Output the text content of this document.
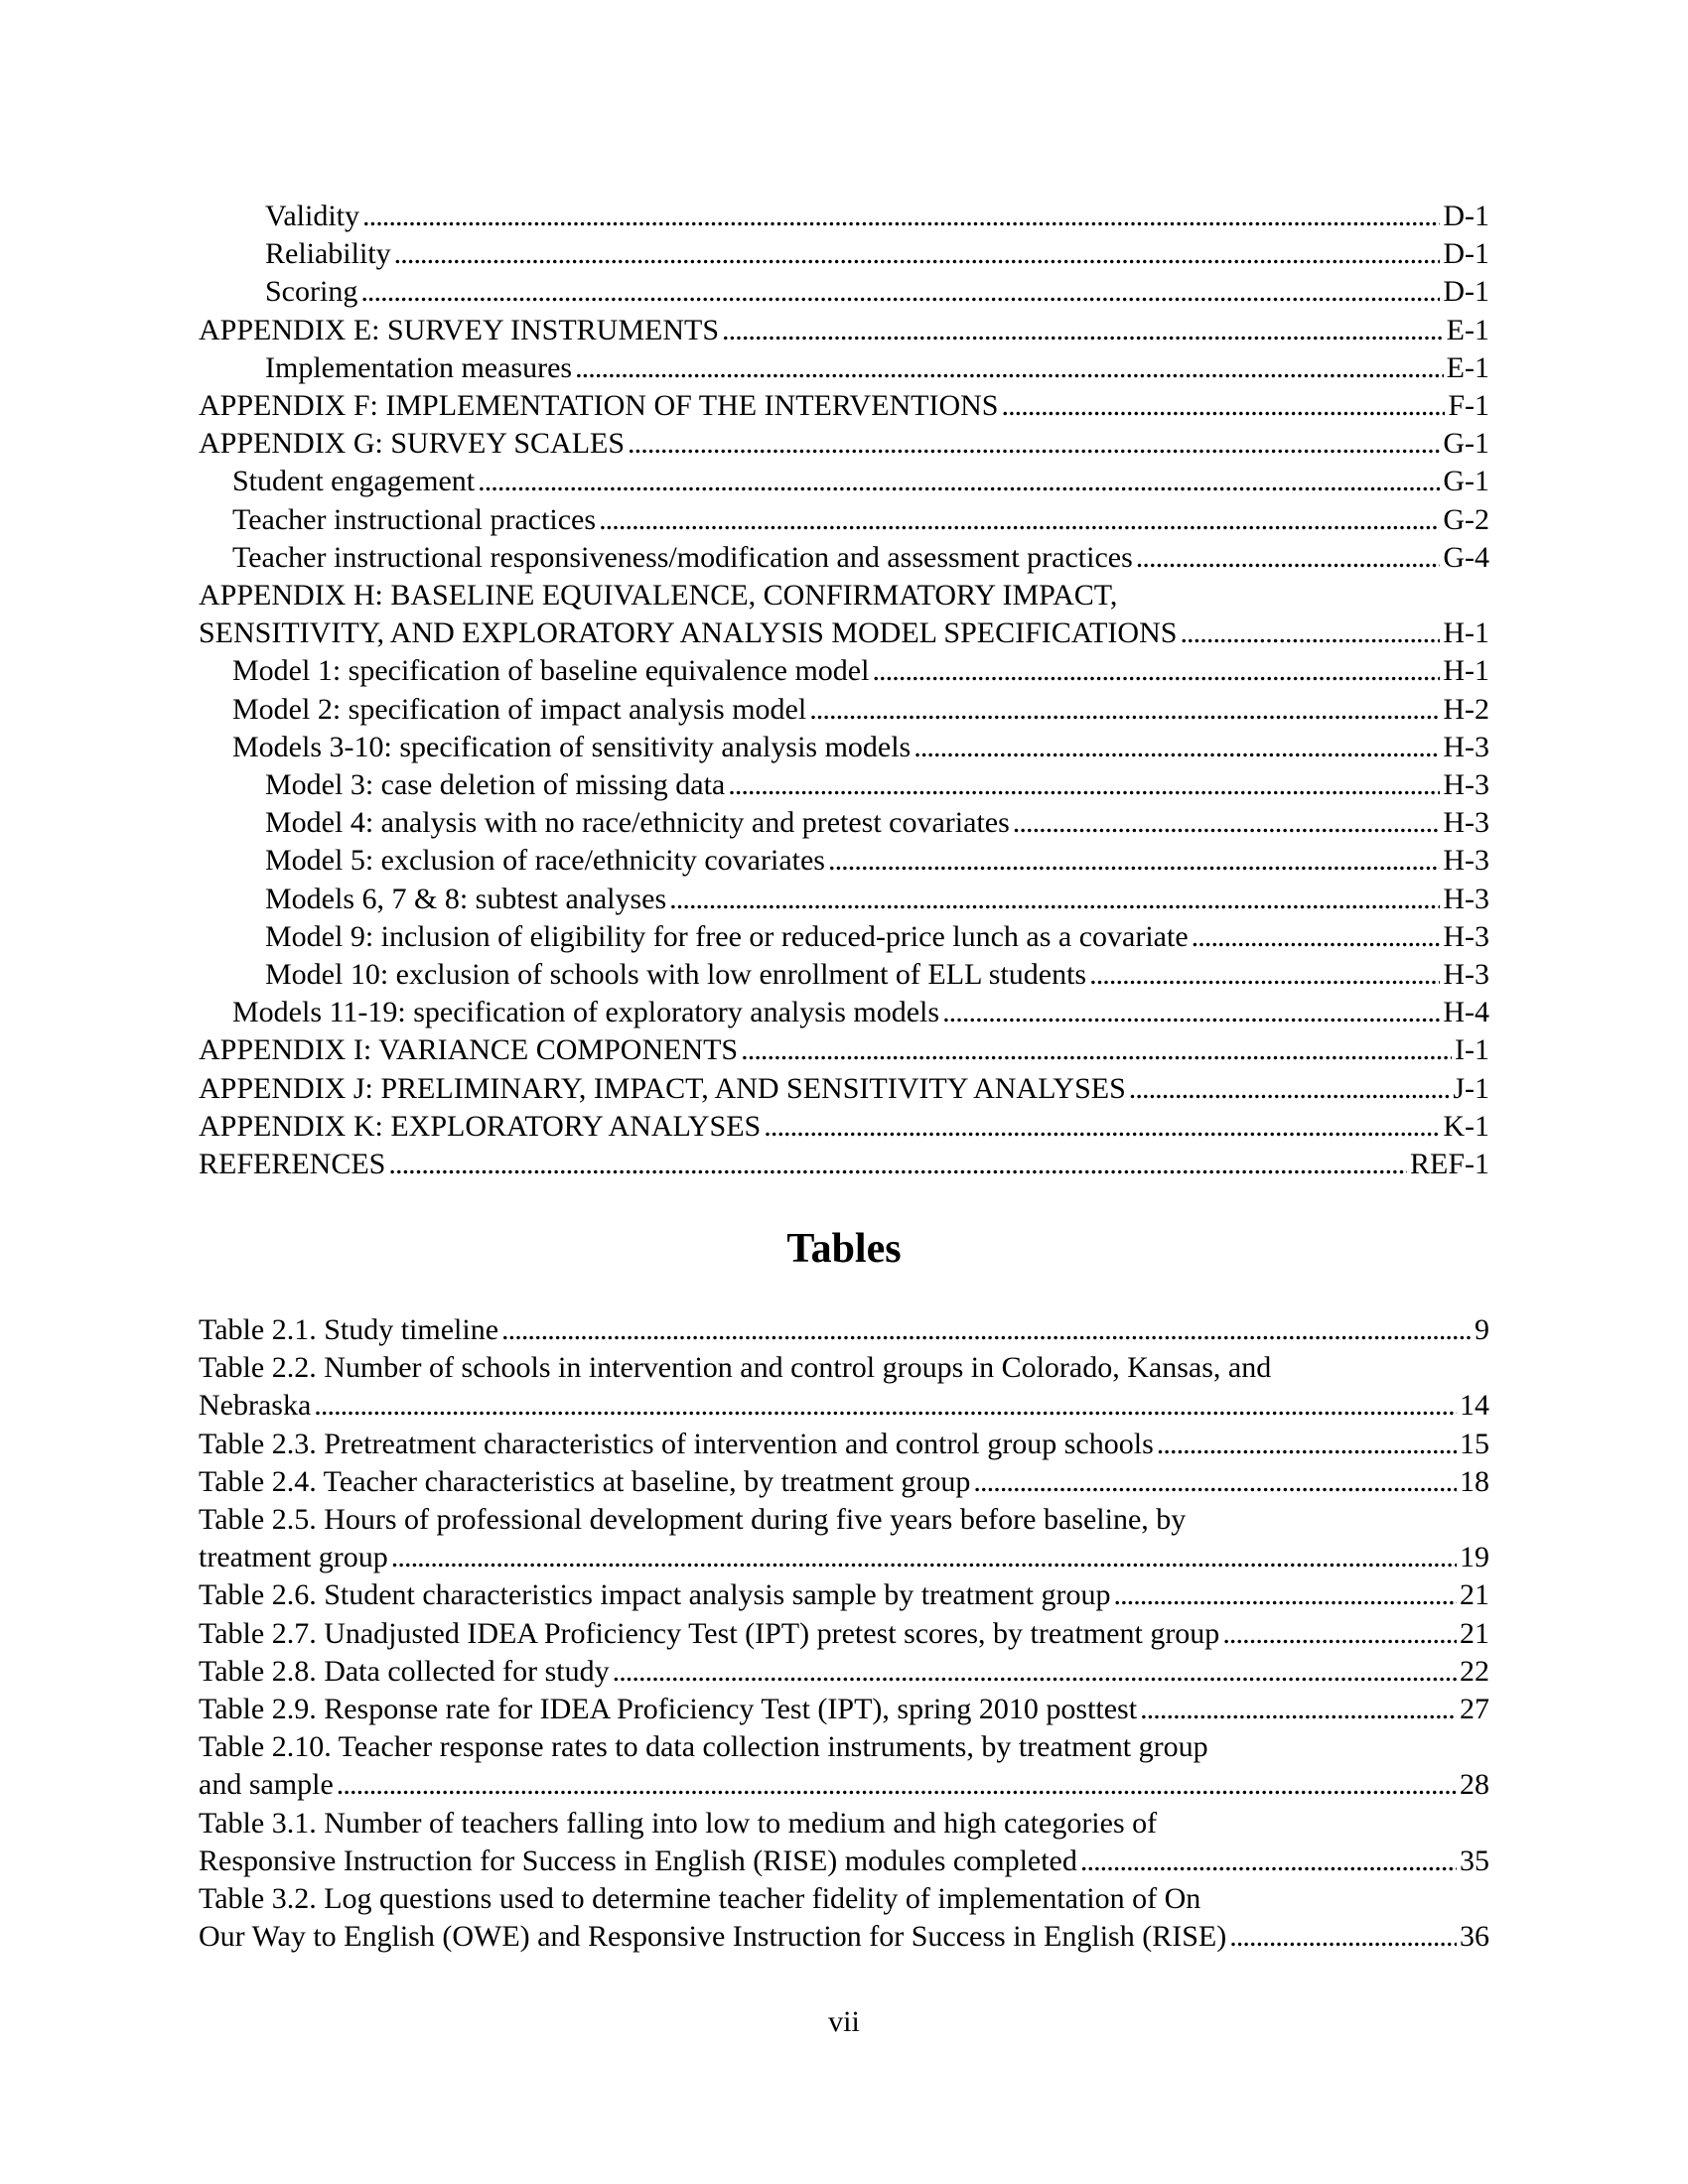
Validity . . .	D-1
Reliability . . .	D-1
Scoring . . .	D-1
APPENDIX E: SURVEY INSTRUMENTS . . .	E-1
Implementation measures . . .	E-1
APPENDIX F: IMPLEMENTATION OF THE INTERVENTIONS . . .	F-1
APPENDIX G: SURVEY SCALES . . .	G-1
Student engagement . . .	G-1
Teacher instructional practices . . .	G-2
Teacher instructional responsiveness/modification and assessment practices . . .	G-4
APPENDIX H: BASELINE EQUIVALENCE, CONFIRMATORY IMPACT,
SENSITIVITY, AND EXPLORATORY ANALYSIS MODEL SPECIFICATIONS . . .	H-1
Model 1: specification of baseline equivalence model . . .	H-1
Model 2: specification of impact analysis model . . .	H-2
Models 3-10: specification of sensitivity analysis models . . .	H-3
Model 3: case deletion of missing data . . .	H-3
Model 4: analysis with no race/ethnicity and pretest covariates . . .	H-3
Model 5: exclusion of race/ethnicity covariates . . .	H-3
Models 6, 7 & 8: subtest analyses . . .	H-3
Model 9: inclusion of eligibility for free or reduced-price lunch as a covariate . . .	H-3
Model 10: exclusion of schools with low enrollment of ELL students . . .	H-3
Models 11-19: specification of exploratory analysis models . . .	H-4
APPENDIX I: VARIANCE COMPONENTS . . .	I-1
APPENDIX J: PRELIMINARY, IMPACT, AND SENSITIVITY ANALYSES . . .	J-1
APPENDIX K: EXPLORATORY ANALYSES . . .	K-1
REFERENCES . . .	REF-1
Tables
Table 2.1. Study timeline . . .	9
Table 2.2. Number of schools in intervention and control groups in Colorado, Kansas, and
Nebraska . . .	14
Table 2.3. Pretreatment characteristics of intervention and control group schools . . .	15
Table 2.4. Teacher characteristics at baseline, by treatment group . . .	18
Table 2.5. Hours of professional development during five years before baseline, by
treatment group . . .	19
Table 2.6. Student characteristics impact analysis sample by treatment group . . .	21
Table 2.7. Unadjusted IDEA Proficiency Test (IPT) pretest scores, by treatment group . . .	21
Table 2.8. Data collected for study . . .	22
Table 2.9. Response rate for IDEA Proficiency Test (IPT), spring 2010 posttest . . .	27
Table 2.10. Teacher response rates to data collection instruments, by treatment group
and sample . . .	28
Table 3.1. Number of teachers falling into low to medium and high categories of
Responsive Instruction for Success in English (RISE) modules completed . . .	35
Table 3.2. Log questions used to determine teacher fidelity of implementation of On
Our Way to English (OWE) and Responsive Instruction for Success in English (RISE) . . .	36
vii
